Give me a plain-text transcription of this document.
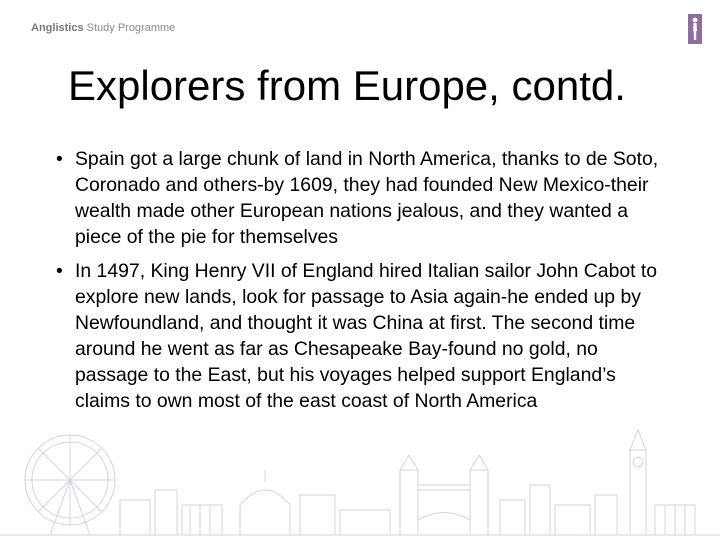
Anglistics Study Programme
Explorers from Europe, contd.
• Spain got a large chunk of land in North America, thanks to de Soto, Coronado and others-by 1609, they had founded New Mexico-their wealth made other European nations jealous, and they wanted a piece of the pie for themselves
• In 1497, King Henry VII of England hired Italian sailor John Cabot to explore new lands, look for passage to Asia again-he ended up by Newfoundland, and thought it was China at first. The second time around he went as far as Chesapeake Bay-found no gold, no passage to the East, but his voyages helped support England’s claims to own most of the east coast of North America
